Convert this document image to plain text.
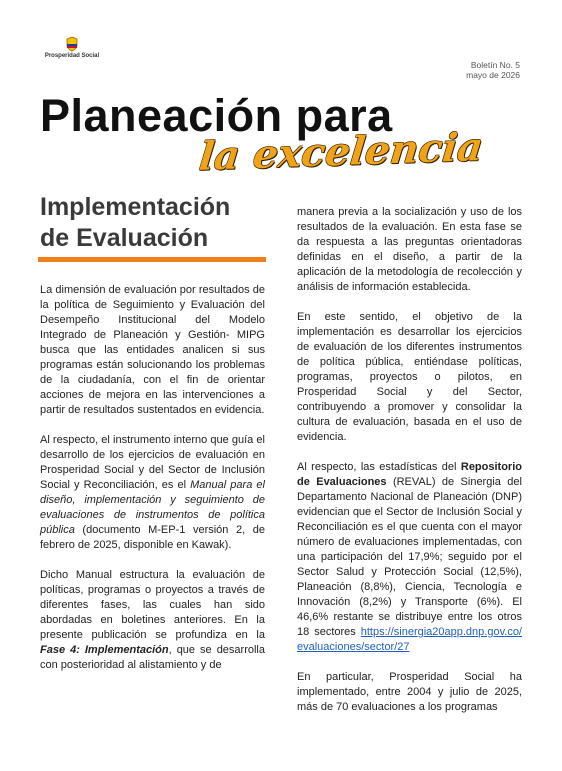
Prosperidad Social
Boletín No. 5
mayo de 2026
Planeación para
la excelencia
Implementación de Evaluación

La dimensión de evaluación por resultados de la política de Seguimiento y Evaluación del Desempeño Institucional del Modelo Integrado de Planeación y Gestión- MIPG busca que las entidades analicen si sus programas están solucionando los problemas de la ciudadanía, con el fin de orientar acciones de mejora en las intervenciones a partir de resultados sustentados en evidencia.

Al respecto, el instrumento interno que guía el desarrollo de los ejercicios de evaluación en Prosperidad Social y del Sector de Inclusión Social y Reconciliación, es el Manual para el diseño, implementación y seguimiento de evaluaciones de instrumentos de política pública (documento M-EP-1 versión 2, de febrero de 2025, disponible en Kawak).

Dicho Manual estructura la evaluación de políticas, programas o proyectos a través de diferentes fases, las cuales han sido abordadas en boletines anteriores. En la presente publicación se profundiza en la Fase 4: Implementación, que se desarrolla con posterioridad al alistamiento y de

manera previa a la socialización y uso de los resultados de la evaluación. En esta fase se da respuesta a las preguntas orientadoras definidas en el diseño, a partir de la aplicación de la metodología de recolección y análisis de información establecida.

En este sentido, el objetivo de la implementación es desarrollar los ejercicios de evaluación de los diferentes instrumentos de política pública, entiéndase políticas, programas, proyectos o pilotos, en Prosperidad Social y del Sector, contribuyendo a promover y consolidar la cultura de evaluación, basada en el uso de evidencia.

Al respecto, las estadísticas del Repositorio de Evaluaciones (REVAL) de Sinergia del Departamento Nacional de Planeación (DNP) evidencian que el Sector de Inclusión Social y Reconciliación es el que cuenta con el mayor número de evaluaciones implementadas, con una participación del 17,9%; seguido por el Sector Salud y Protección Social (12,5%), Planeación (8,8%), Ciencia, Tecnología e Innovación (8,2%) y Transporte (6%). El 46,6% restante se distribuye entre los otros 18 sectores https://sinergia20app.dnp.gov.co/evaluaciones/sector/27

En particular, Prosperidad Social ha implementado, entre 2004 y julio de 2025, más de 70 evaluaciones a los programas
